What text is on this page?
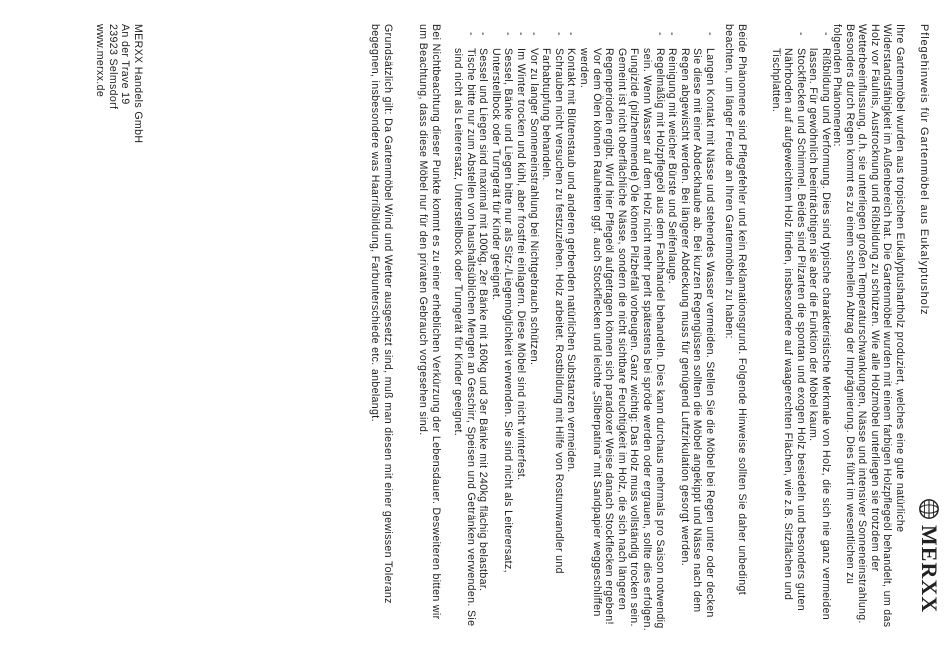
MERXX
Pflegehinweis für Gartenmöbel aus Eukalyptusholz
Ihre Gartenmöbel wurden aus tropischen Eukalyptushartholz produziert, welches eine gute natürliche Widerstandsfähigkeit im Außenbereich hat. Die Gartenmöbel wurden mit einem farbigen Holzpflegeöl behandelt, um das Holz vor Fäulnis, Austrocknung und Rißbildung zu schützen. Wie alle Holzmöbel unterliegen sie trotzdem der Wetterbeeinflussung, d.h. sie unterliegen großen Temperaturschwankungen, Nässe und intensiver Sonneneinstrahlung. Besonders durch Regen kommt es zu einem schnellen Abtrag der Imprägnierung. Dies führt im wesentlichen zu folgenden Phänomenen:
- Rißbildung und Verformung. Dies sind typische charakteristische Merkmale von Holz, die sich nie ganz vermeiden lassen. Für gewöhnlich beeinträchtigen sie aber die Funktion der Möbel kaum.
- Stockflecken und Schimmel. Beides sind Pilzarten die spontan und exogen Holz besiedeln und besonders guten Nährboden auf aufgeweichtem Holz finden, insbesondere auf waagerechten Flächen, wie z.B. Sitzflächen und Tischplatten.
Beide Phänomene sind Pflegefehler und kein Reklamationsgrund. Folgende Hinweise sollten Sie daher unbedingt beachten, um länger Freude an Ihren Gartenmöbeln zu haben:
- Langen Kontakt mit Nässe und stehendes Wasser vermeiden. Stellen Sie die Möbel bei Regen unter oder decken Sie diese mit einer Abdeckhaube ab. Bei kurzen Regengüssen sollten die Möbel angekippt und Nässe nach dem Regen abgewischt werden. Bei längerer Abdeckung muss für genügend Luftzirkulation gesorgt werden.
- Reinigung mit weicher Bürste und Seifenlauge.
- Regelmäßig mit Holzpflegeöl aus dem Fachhandel behandeln. Dies kann durchaus mehrmals pro Saison notwendig sein. Wenn Wasser auf dem Holz nicht mehr perlt spätestens bei spröde werden oder ergrauen, sollte dies erfolgen. Fungizide (pilzhemmende) Öle können Pilzbefall vorbeugen. Ganz wichtig: Das Holz muss vollständig trocken sein. Gemeint ist nicht oberflächliche Nässe, sondern die nicht sichtbare Feuchtigkeit im Holz, die sich nach längeren Regenperioden ergibt. Wird hier Pflegeöl aufgetragen können sich paradoxer Weise danach Stockflecken ergeben! Vor dem Ölen können Rauheiten ggf. auch Stockflecken und leichte „Silberpatina“ mit Sandpapier weggeschliffen werden.
- Kontakt mit Blütenstaub und anderen gerbenden natürlichen Substanzen vermeiden.
- Schrauben nicht versuchen zu festzuziehen. Holz arbeitet. Rostbildung mit Hilfe von Rostumwandler und Farbabtupfung behandeln.
- Vor zu langer Sonneneinstrahlung bei Nichtgebrauch schützen.
- Im Winter trocken und kühl, aber frostfrei einlagern. Diese Möbel sind nicht winterfest.
- Sessel, Bänke und Liegen bitte nur als Sitz-/Liegemöglichkeit verwenden. Sie sind nicht als Leiterersatz, Unterstellbock oder Turngerät für Kinder geeignet.
- Sessel und Liegen sind maximal mit 100kg, 2er Bänke mit 160kg und 3er Bänke mit 240kg flächig belastbar.
- Tische bitte nur zum Abstellen von haushaltsüblichen Mengen an Geschirr, Speisen und Getränken verwenden. Sie sind nicht als Leiterersatz, Unterstellbock oder Turngerät für Kinder geeignet.
Bei Nichtbeachtung dieser Punkte kommt es zu einer erheblichen Verkürzung der Lebensdauer. Desweiteren bitten wir um Beachtung, dass diese Möbel nur für den privaten Gebrauch vorgesehen sind.
Grundsätzlich gilt: Da Gartenmöbel Wind und Wetter ausgesetzt sind, muß man diesen mit einer gewissen Toleranz begegnen, insbesondere was Haarrißbildung, Farbunterschiede etc. anbelangt.
MERXX Handels GmbH
An der Trave 19
23923 Selmsdorf
www.merxx.de
